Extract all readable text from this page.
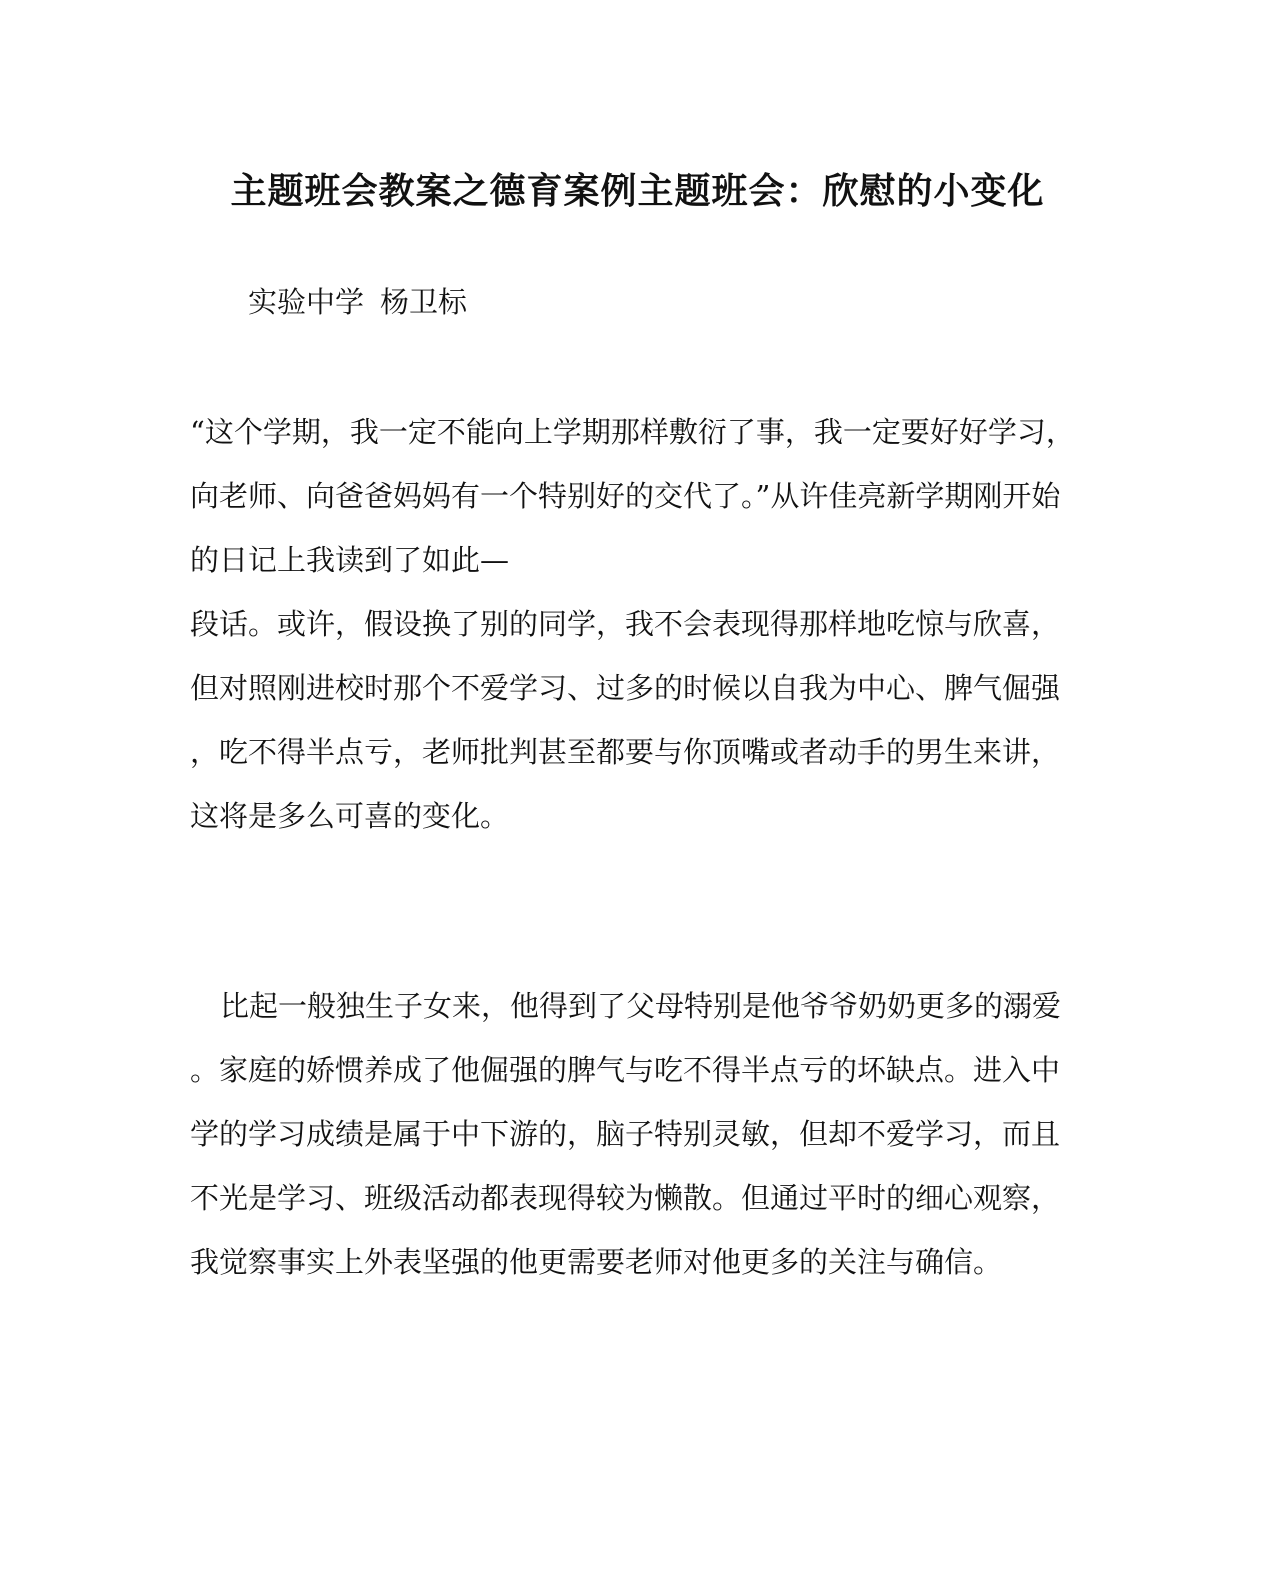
主题班会教案之德育案例主题班会：欣慰的小变化
实验中学 杨卫标
“这个学期，我一定不能向上学期那样敷衍了事，我一定要好好学习，
向老师、向爸爸妈妈有一个特别好的交代了。”从许佳亮新学期刚开始
的日记上我读到了如此—
段话。或许，假设换了别的同学，我不会表现得那样地吃惊与欣喜，
但对照刚进校时那个不爱学习、过多的时候以自我为中心、脾气倔强
，吃不得半点亏，老师批判甚至都要与你顶嘴或者动手的男生来讲，
这将是多么可喜的变化。
比起一般独生子女来，他得到了父母特别是他爷爷奶奶更多的溺爱
。家庭的娇惯养成了他倔强的脾气与吃不得半点亏的坏缺点。进入中
学的学习成绩是属于中下游的，脑子特别灵敏，但却不爱学习，而且
不光是学习、班级活动都表现得较为懒散。但通过平时的细心观察，
我觉察事实上外表坚强的他更需要老师对他更多的关注与确信。
